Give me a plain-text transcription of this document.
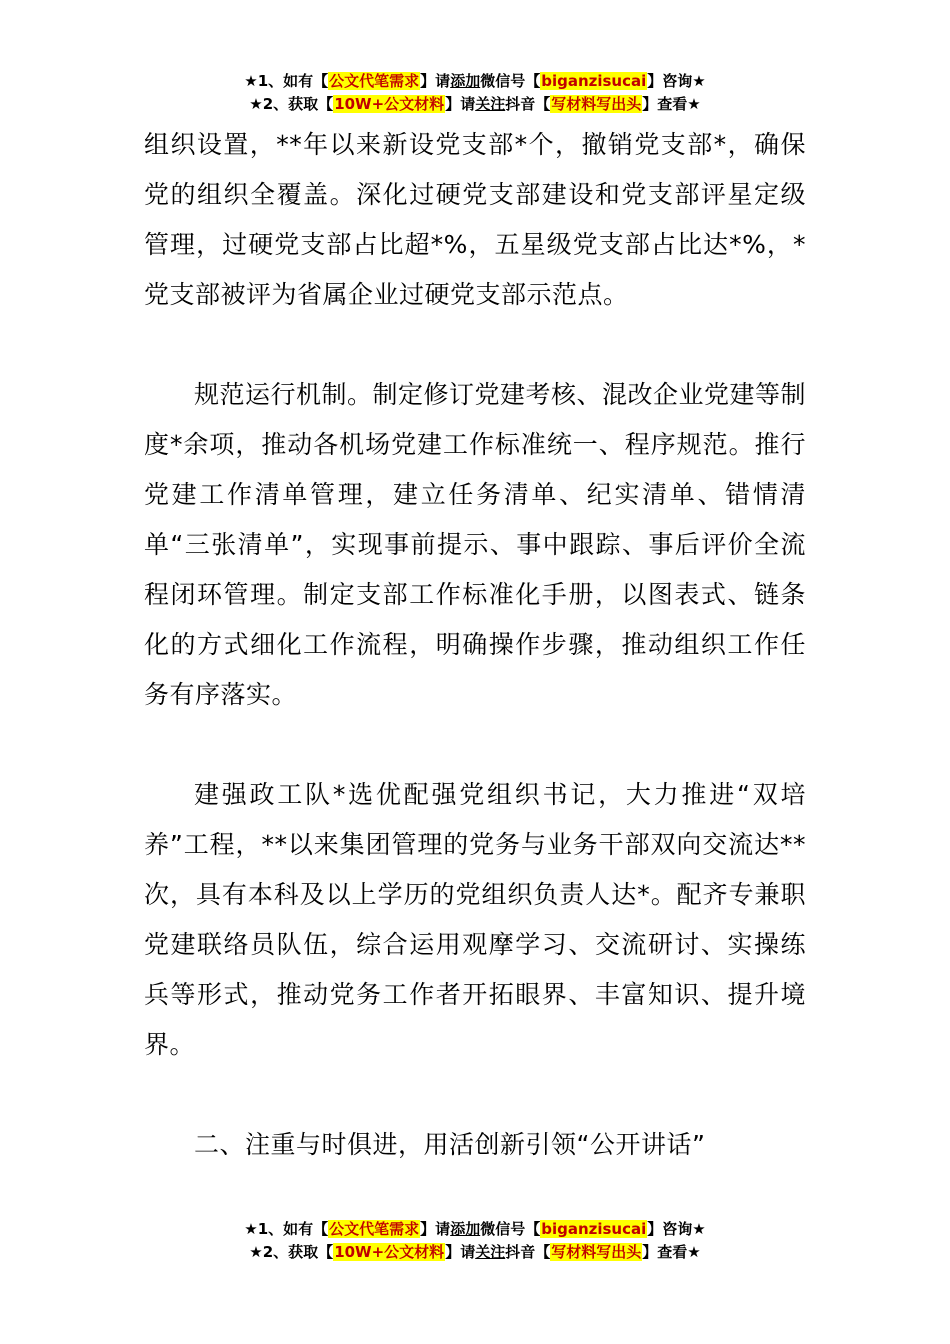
★1、如有【公文代笔需求】请添加微信号【biganzisucai】咨询★
★2、获取【10W+公文材料】请关注抖音【写材料写出头】查看★

组织设置，**年以来新设党支部*个，撤销党支部*，确保党的组织全覆盖。深化过硬党支部建设和党支部评星定级管理，过硬党支部占比超*%，五星级党支部占比达*%，*党支部被评为省属企业过硬党支部示范点。

规范运行机制。制定修订党建考核、混改企业党建等制度*余项，推动各机场党建工作标准统一、程序规范。推行党建工作清单管理，建立任务清单、纪实清单、错情清单“三张清单”，实现事前提示、事中跟踪、事后评价全流程闭环管理。制定支部工作标准化手册，以图表式、链条化的方式细化工作流程，明确操作步骤，推动组织工作任务有序落实。

建强政工队*选优配强党组织书记，大力推进“双培养”工程，**以来集团管理的党务与业务干部双向交流达**次，具有本科及以上学历的党组织负责人达*。配齐专兼职党建联络员队伍，综合运用观摩学习、交流研讨、实操练兵等形式，推动党务工作者开拓眼界、丰富知识、提升境界。

二、注重与时俱进，用活创新引领“公开讲话”

★1、如有【公文代笔需求】请添加微信号【biganzisucai】咨询★
★2、获取【10W+公文材料】请关注抖音【写材料写出头】查看★
